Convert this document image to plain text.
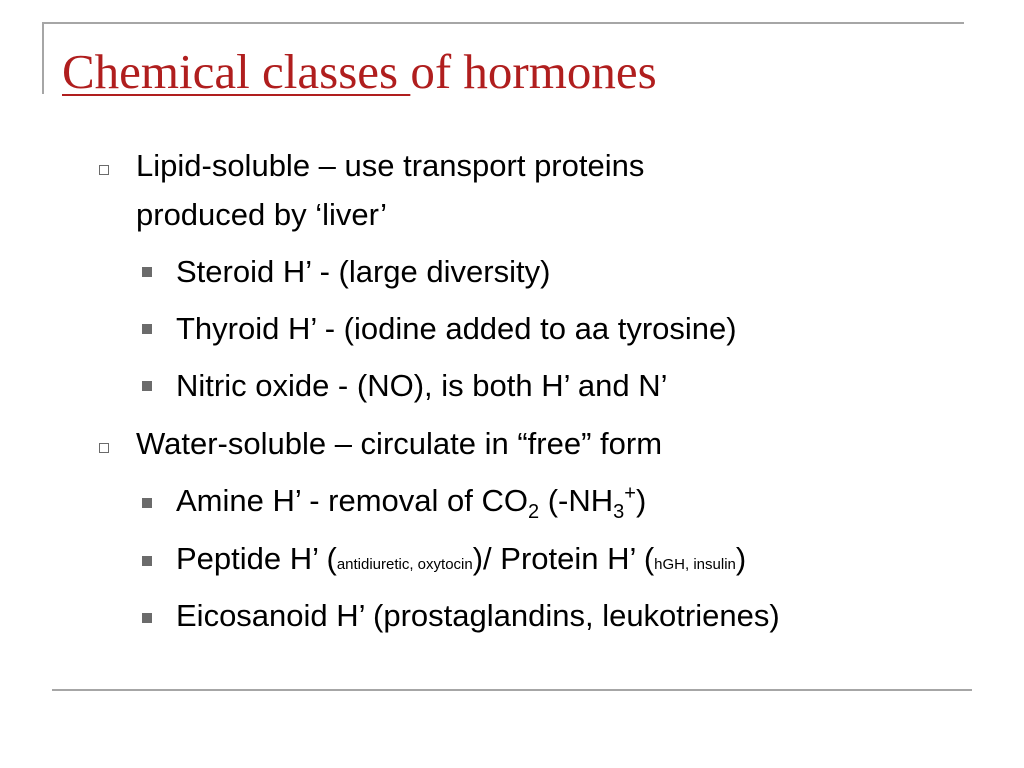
Chemical classes of hormones
Lipid-soluble – use transport proteins
produced by ‘liver’
Steroid H’ - (large diversity)
Thyroid H’ - (iodine added to aa tyrosine)
Nitric oxide - (NO), is both H’ and N’
Water-soluble – circulate in “free” form
Amine H’ - removal of $CO_2$ $(-NH_3^+)$
Peptide H’ (antidiuretic, oxytocin)/ Protein H’ (hGH, insulin)
Eicosanoid H’ (prostaglandins, leukotrienes)
